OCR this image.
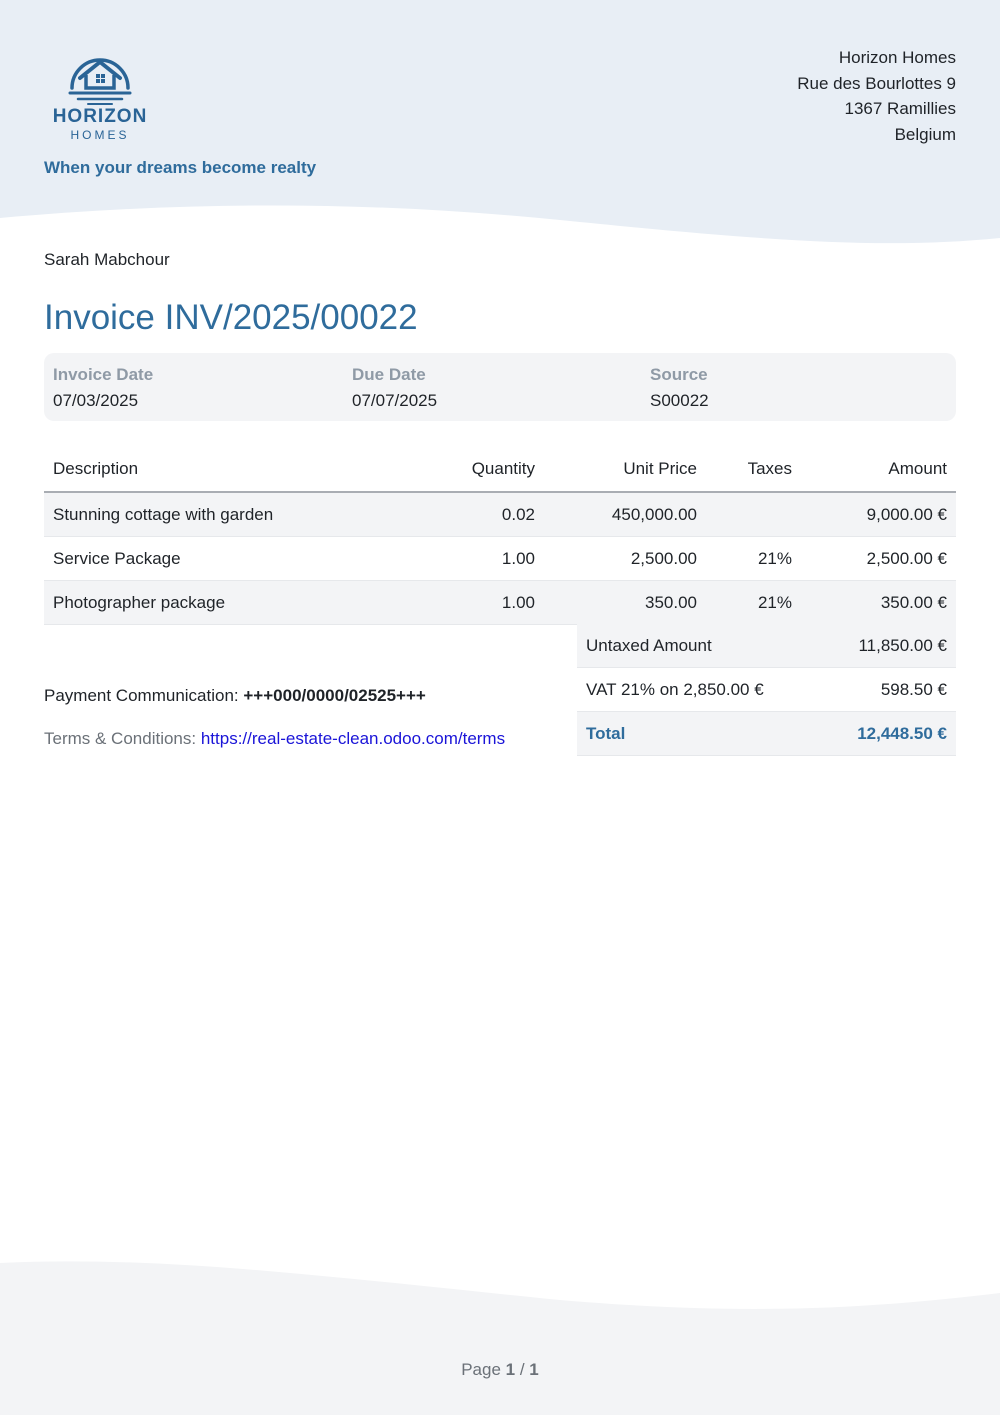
HORIZON
HOMES
When your dreams become realty
Horizon Homes
Rue des Bourlottes 9
1367 Ramillies
Belgium
Sarah Mabchour
Invoice INV/2025/00022
Invoice Date
07/03/2025
Due Date
07/07/2025
Source
S00022
Description	Quantity	Unit Price	Taxes	Amount
Stunning cottage with garden	0.02	450,000.00		9,000.00 €
Service Package	1.00	2,500.00	21%	2,500.00 €
Photographer package	1.00	350.00	21%	350.00 €
Untaxed Amount	11,850.00 €
VAT 21% on 2,850.00 €	598.50 €
Total	12,448.50 €
Payment Communication: +++000/0000/02525+++
Terms & Conditions: https://real-estate-clean.odoo.com/terms
Page 1 / 1
